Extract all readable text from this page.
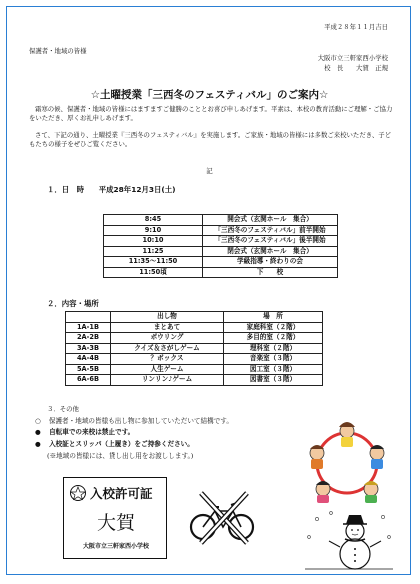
平成２８年１１月吉日
保護者・地域の皆様
大阪市立三軒家西小学校
校　長　　大賀　正規
☆土曜授業「三西冬のフェスティバル」のご案内☆
霜寒の候、保護者・地域の皆様にはますますご健勝のこととお喜び申しあげます。平素は、本校の教育活動にご理解・ご協力をいただき、厚くお礼申しあげます。
さて、下記の通り、土曜授業『三西冬のフェスティバル』を実施します。ご家族・地域の皆様には多数ご来校いただき、子どもたちの様子をぜひご覧ください。
記
１．日　時　　平成28年12月3日(土)
8:45	開会式（玄関ホール　集合）
9:10	「三西冬のフェスティバル」前半開始
10:10	「三西冬のフェスティバル」後半開始
11:25	閉会式（玄関ホール　集合）
11:35～11:50	学級指導・終わりの会
11:50頃	下　　校
２．内容・場所
	出し物	場　所
1A-1B	まとあて	家庭科室（２階）
2A-2B	ボウリング	多目的室（２階）
3A-3B	クイズ＆さがしゲーム	理科室（２階）
4A-4B	？ボックス	音楽室（３階）
5A-5B	人生ゲーム	図工室（３階）
6A-6B	リンリン♪ゲーム	図書室（３階）
３．その他
○ 保護者・地域の皆様も出し物に参加していただいて結構です。
● 自転車での来校は禁止です。
● 入校証とスリッパ（上履き）をご持参ください。
(※地域の皆様には、貸し出し用をお渡しします。)
入校許可証
大賀
大阪市立三軒家西小学校
